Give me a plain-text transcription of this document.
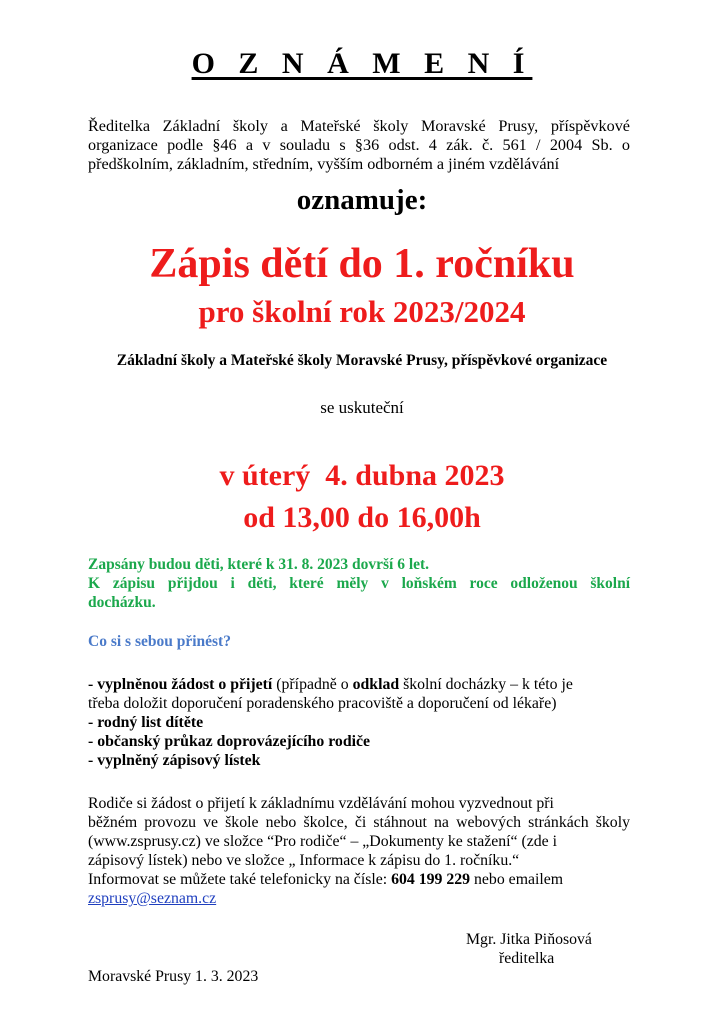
O Z N Á M E N Í
Ředitelka Základní školy a Mateřské školy Moravské Prusy, příspěvkové
organizace podle §46 a v souladu s §36 odst. 4 zák. č. 561 / 2004 Sb. o
předškolním, základním, středním, vyšším odborném a jiném vzdělávání
oznamuje:
Zápis dětí do 1. ročníku
pro školní rok 2023/2024
Základní školy a Mateřské školy Moravské Prusy, příspěvkové organizace
se uskuteční
v úterý  4. dubna 2023
od 13,00 do 16,00h
Zapsány budou děti, které k 31. 8. 2023 dovrší 6 let.
K zápisu přijdou i děti, které měly v loňském roce odloženou školní
docházku.
Co si s sebou přinést?
- vyplněnou žádost o přijetí (případně o odklad školní docházky – k této je
třeba doložit doporučení poradenského pracoviště a doporučení od lékaře)
- rodný list dítěte
- občanský průkaz doprovázejícího rodiče
- vyplněný zápisový lístek
Rodiče si žádost o přijetí k základnímu vzdělávání mohou vyzvednout při
běžném provozu ve škole nebo školce, či stáhnout na webových stránkách školy
(www.zsprusy.cz) ve složce “Pro rodiče“ – „Dokumenty ke stažení“ (zde i
zápisový lístek) nebo ve složce „ Informace k zápisu do 1. ročníku.“
Informovat se můžete také telefonicky na čísle: 604 199 229 nebo emailem
zsprusy@seznam.cz
Mgr. Jitka Piňosová
ředitelka
Moravské Prusy 1. 3. 2023
